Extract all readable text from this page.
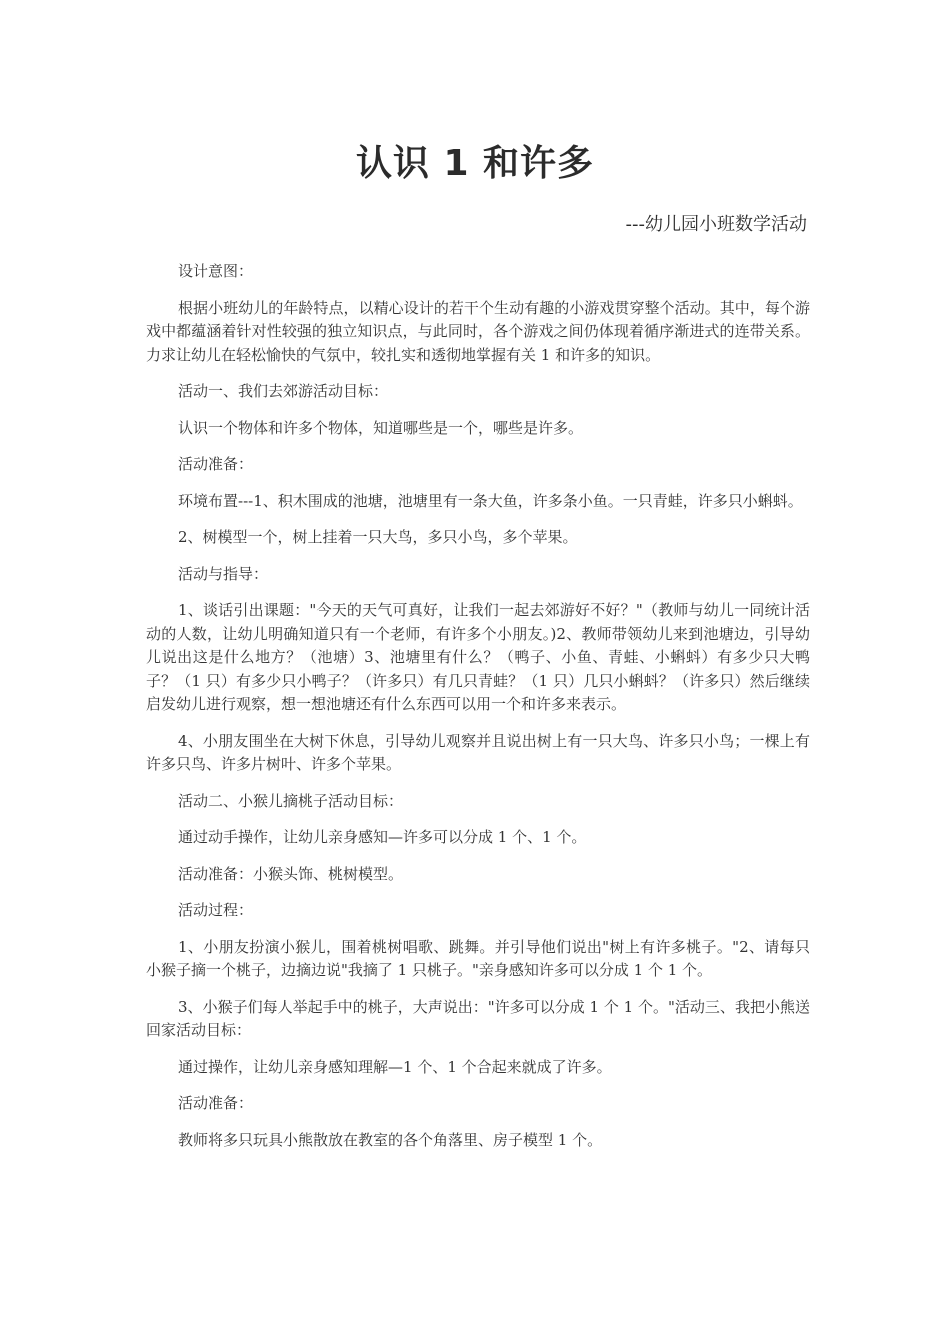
认识 1 和许多
---幼儿园小班数学活动

设计意图：

根据小班幼儿的年龄特点，以精心设计的若干个生动有趣的小游戏贯穿整个活动。其中，每个游戏中都蕴涵着针对性较强的独立知识点，与此同时，各个游戏之间仍体现着循序渐进式的连带关系。力求让幼儿在轻松愉快的气氛中，较扎实和透彻地掌握有关 1 和许多的知识。

活动一、我们去郊游活动目标：

认识一个物体和许多个物体，知道哪些是一个，哪些是许多。

活动准备：

环境布置---1、积木围成的池塘，池塘里有一条大鱼，许多条小鱼。一只青蛙，许多只小蝌蚪。

2、树模型一个，树上挂着一只大鸟，多只小鸟，多个苹果。

活动与指导：

1、谈话引出课题："今天的天气可真好，让我们一起去郊游好不好？"（教师与幼儿一同统计活动的人数，让幼儿明确知道只有一个老师，有许多个小朋友。)2、教师带领幼儿来到池塘边，引导幼儿说出这是什么地方？（池塘）3、池塘里有什么？（鸭子、小鱼、青蛙、小蝌蚪）有多少只大鸭子？（1 只）有多少只小鸭子？（许多只）有几只青蛙？（1 只）几只小蝌蚪？（许多只）然后继续启发幼儿进行观察，想一想池塘还有什么东西可以用一个和许多来表示。

4、小朋友围坐在大树下休息，引导幼儿观察并且说出树上有一只大鸟、许多只小鸟；一棵上有许多只鸟、许多片树叶、许多个苹果。

活动二、小猴儿摘桃子活动目标：

通过动手操作，让幼儿亲身感知—许多可以分成 1 个、1 个。

活动准备：小猴头饰、桃树模型。

活动过程：

1、小朋友扮演小猴儿，围着桃树唱歌、跳舞。并引导他们说出"树上有许多桃子。"2、请每只小猴子摘一个桃子，边摘边说"我摘了 1 只桃子。"亲身感知许多可以分成 1 个 1 个。

3、小猴子们每人举起手中的桃子，大声说出："许多可以分成 1 个 1 个。"活动三、我把小熊送回家活动目标：

通过操作，让幼儿亲身感知理解—1 个、1 个合起来就成了许多。

活动准备：

教师将多只玩具小熊散放在教室的各个角落里、房子模型 1 个。
